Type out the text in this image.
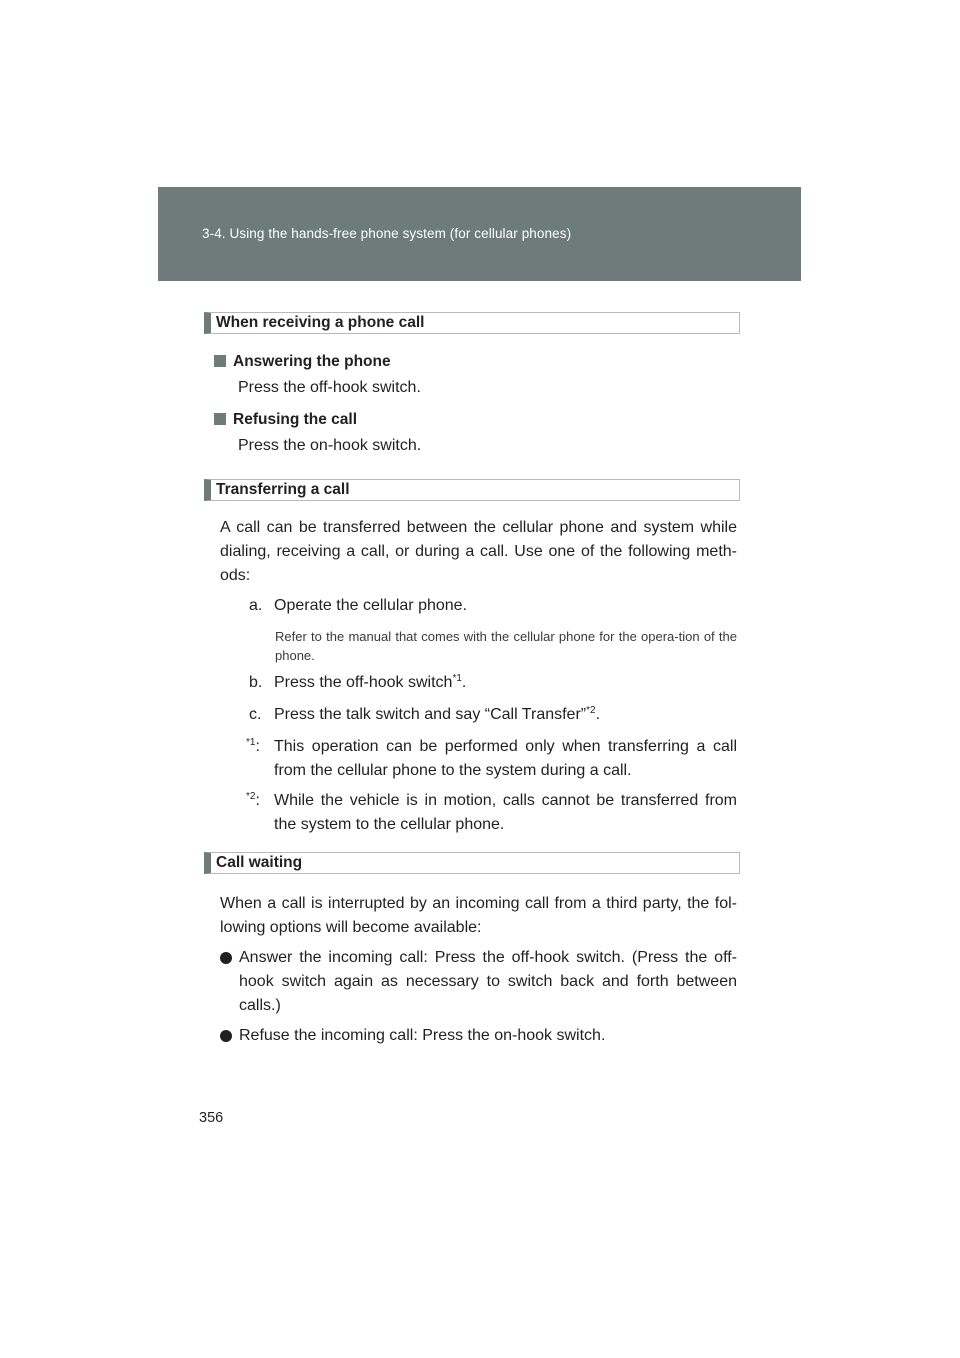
3-4. Using the hands-free phone system (for cellular phones)
When receiving a phone call
Answering the phone
Press the off-hook switch.
Refusing the call
Press the on-hook switch.
Transferring a call
A call can be transferred between the cellular phone and system while dialing, receiving a call, or during a call. Use one of the following meth-ods:
a. Operate the cellular phone.
Refer to the manual that comes with the cellular phone for the opera-tion of the phone.
b. Press the off-hook switch$^{*1}$.
c. Press the talk switch and say “Call Transfer”$^{*2}$.
$^{*1}$: This operation can be performed only when transferring a call from the cellular phone to the system during a call.
$^{*2}$: While the vehicle is in motion, calls cannot be transferred from the system to the cellular phone.
Call waiting
When a call is interrupted by an incoming call from a third party, the fol-lowing options will become available:
Answer the incoming call: Press the off-hook switch. (Press the off-hook switch again as necessary to switch back and forth between calls.)
Refuse the incoming call: Press the on-hook switch.
356
